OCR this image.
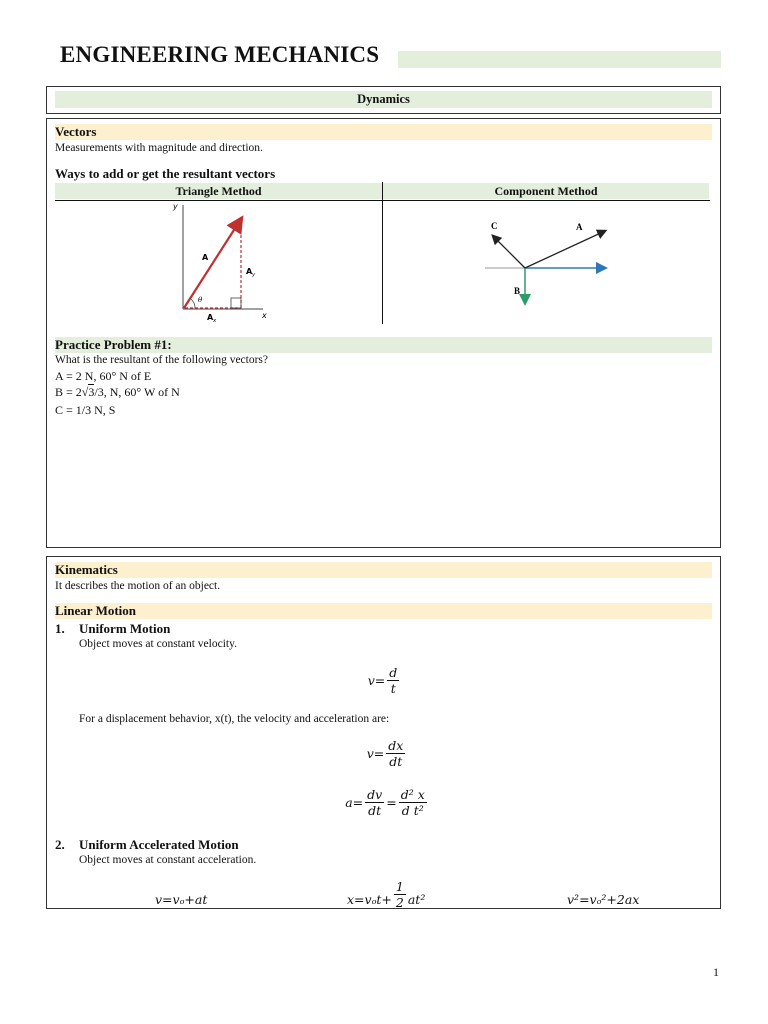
ENGINEERING MECHANICS
Dynamics
Vectors
Measurements with magnitude and direction.
Ways to add or get the resultant vectors
Triangle Method	Component Method
y
x
A
A y
A x
θ
C	A
B
Practice Problem #1:
What is the resultant of the following vectors?
A = 2 N, 60° N of E
B = 2√3/3, N, 60° W of N
C = 1/3 N, S
Kinematics
It describes the motion of an object.
Linear Motion
1. Uniform Motion
Object moves at constant velocity.
$v= \frac{d}{t}$
For a displacement behavior, x(t), the velocity and acceleration are:
$v= \frac{dx}{dt}$
$a= \frac{dv}{dt} = \frac{\text{d² x}}{\text{d t²}}$
2. Uniform Accelerated Motion
Object moves at constant acceleration.
v=vₒ+at	$x=v_ot+ \frac{1}{2} at^2$	v²=vₒ²+2ax
1
